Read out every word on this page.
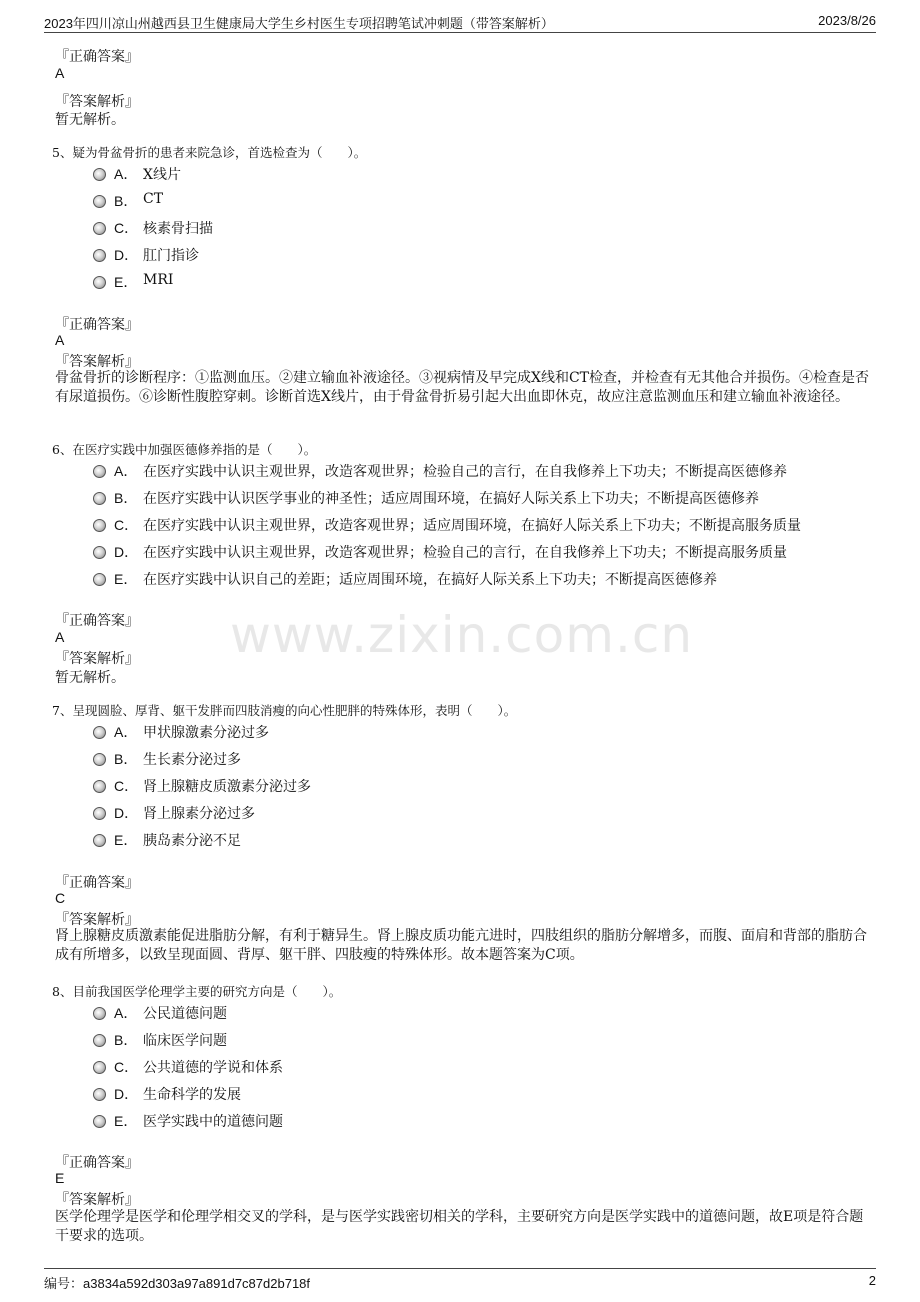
2023年四川凉山州越西县卫生健康局大学生乡村医生专项招聘笔试冲刺题（带答案解析）	2023/8/26
www.zixin.com.cn
『正确答案』
A
『答案解析』
暂无解析。
5、疑为骨盆骨折的患者来院急诊，首选检查为（　　）。
A． X线片
B． CT
C． 核素骨扫描
D． 肛门指诊
E． MRI
『正确答案』
A
『答案解析』
骨盆骨折的诊断程序：①监测血压。②建立输血补液途径。③视病情及早完成X线和CT检查，并检查有无其他合并损伤。④检查是否有尿道损伤。⑥诊断性腹腔穿刺。诊断首选X线片，由于骨盆骨折易引起大出血即休克，故应注意监测血压和建立输血补液途径。
6、在医疗实践中加强医德修养指的是（　　）。
A． 在医疗实践中认识主观世界，改造客观世界；检验自己的言行，在自我修养上下功夫；不断提高医德修养
B． 在医疗实践中认识医学事业的神圣性；适应周围环境，在搞好人际关系上下功夫；不断提高医德修养
C． 在医疗实践中认识主观世界，改造客观世界；适应周围环境，在搞好人际关系上下功夫；不断提高服务质量
D． 在医疗实践中认识主观世界，改造客观世界；检验自己的言行，在自我修养上下功夫；不断提高服务质量
E． 在医疗实践中认识自己的差距；适应周围环境，在搞好人际关系上下功夫；不断提高医德修养
『正确答案』
A
『答案解析』
暂无解析。
7、呈现圆脸、厚背、躯干发胖而四肢消瘦的向心性肥胖的特殊体形，表明（　　）。
A． 甲状腺激素分泌过多
B． 生长素分泌过多
C． 肾上腺糖皮质激素分泌过多
D． 肾上腺素分泌过多
E． 胰岛素分泌不足
『正确答案』
C
『答案解析』
肾上腺糖皮质激素能促进脂肪分解，有利于糖异生。肾上腺皮质功能亢进时，四肢组织的脂肪分解增多，而腹、面肩和背部的脂肪合成有所增多，以致呈现面圆、背厚、躯干胖、四肢瘦的特殊体形。故本题答案为C项。
8、目前我国医学伦理学主要的研究方向是（　　）。
A． 公民道德问题
B． 临床医学问题
C． 公共道德的学说和体系
D． 生命科学的发展
E． 医学实践中的道德问题
『正确答案』
E
『答案解析』
医学伦理学是医学和伦理学相交叉的学科，是与医学实践密切相关的学科，主要研究方向是医学实践中的道德问题，故E项是符合题干要求的选项。
编号：a3834a592d303a97a891d7c87d2b718f	2
